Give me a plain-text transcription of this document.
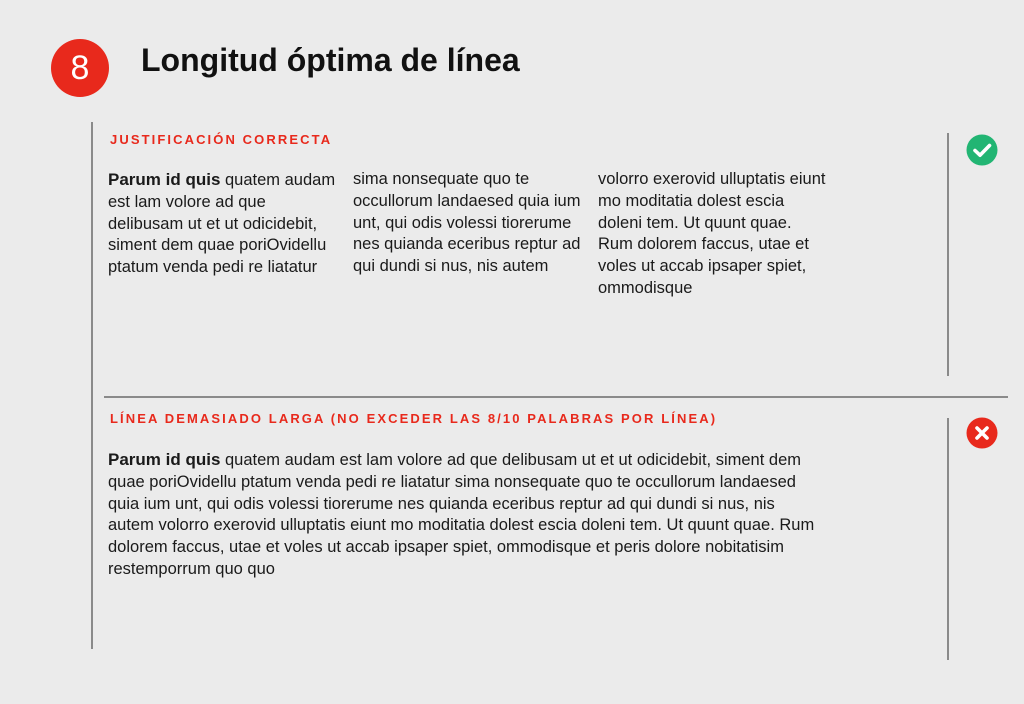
8	Longitud óptima de línea
JUSTIFICACIÓN CORRECTA

Parum id quis quatem audam est lam volore ad que delibusam ut et ut odicidebit, siment dem quae poriOvidellu ptatum venda pedi re liatatur

sima nonsequate quo te occullorum landaesed quia ium unt, qui odis volessi tiorerume nes quianda eceribus reptur ad qui dundi si nus, nis autem

volorro exerovid ulluptatis eiunt mo moditatia dolest escia doleni tem. Ut quunt quae. Rum dolorem faccus, utae et voles ut accab ipsaper spiet, ommodisque

LÍNEA DEMASIADO LARGA (NO EXCEDER LAS 8/10 PALABRAS POR LÍNEA)

Parum id quis quatem audam est lam volore ad que delibusam ut et ut odicidebit, siment dem quae poriOvidellu ptatum venda pedi re liatatur sima nonsequate quo te occullorum landaesed quia ium unt, qui odis volessi tiorerume nes quianda eceribus reptur ad qui dundi si nus, nis autem volorro exerovid ulluptatis eiunt mo moditatia dolest escia doleni tem. Ut quunt quae. Rum dolorem faccus, utae et voles ut accab ipsaper spiet, ommodisque et peris dolore nobitatisim restemporrum quo quo
